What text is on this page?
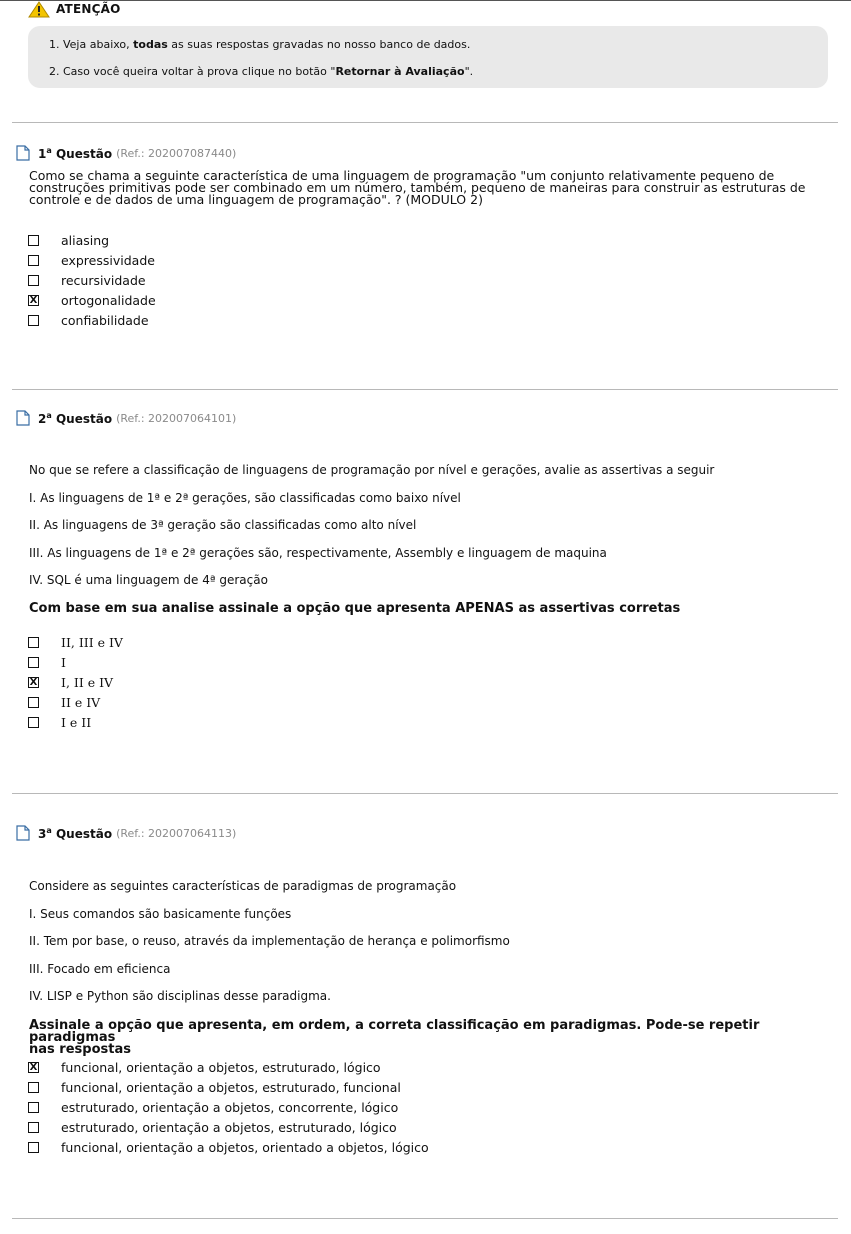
ATENÇÃO

1. Veja abaixo, todas as suas respostas gravadas no nosso banco de dados.

2. Caso você queira voltar à prova clique no botão "Retornar à Avaliação".

1$^a$ Questão (Ref.: 202007087440)

Como se chama a seguinte característica de uma linguagem de programação "um conjunto relativamente pequeno de

construções primitivas pode ser combinado em um número, também, pequeno de maneiras para construir as estruturas de

controle e de dados de uma linguagem de programação". ? (MODULO 2)

aliasing
expressividade
recursividade
X ortogonalidade
confiabilidade
2$^a$ Questão (Ref.: 202007064101)
No que se refere a classificação de linguagens de programação por nível e gerações, avalie as assertivas a seguir
I. As linguagens de 1ª e 2ª gerações, são classificadas como baixo nível
II. As linguagens de 3ª geração são classificadas como alto nível
III. As linguagens de 1ª e 2ª gerações são, respectivamente, Assembly e linguagem de maquina
IV. SQL é uma linguagem de 4ª geração
Com base em sua analise assinale a opção que apresenta APENAS as assertivas corretas
II, III e IV
I
X I, II e IV
II e IV
I e II
3$^a$ Questão (Ref.: 202007064113)
Considere as seguintes características de paradigmas de programação
I. Seus comandos são basicamente funções
II. Tem por base, o reuso, através da implementação de herança e polimorfismo
III. Focado em eficienca
IV. LISP e Python são disciplinas desse paradigma.
Assinale a opção que apresenta, em ordem, a correta classificação em paradigmas. Pode-se repetir paradigmas
nas respostas
X funcional, orientação a objetos, estruturado, lógico
funcional, orientação a objetos, estruturado, funcional
estruturado, orientação a objetos, concorrente, lógico
estruturado, orientação a objetos, estruturado, lógico
funcional, orientação a objetos, orientado a objetos, lógico
